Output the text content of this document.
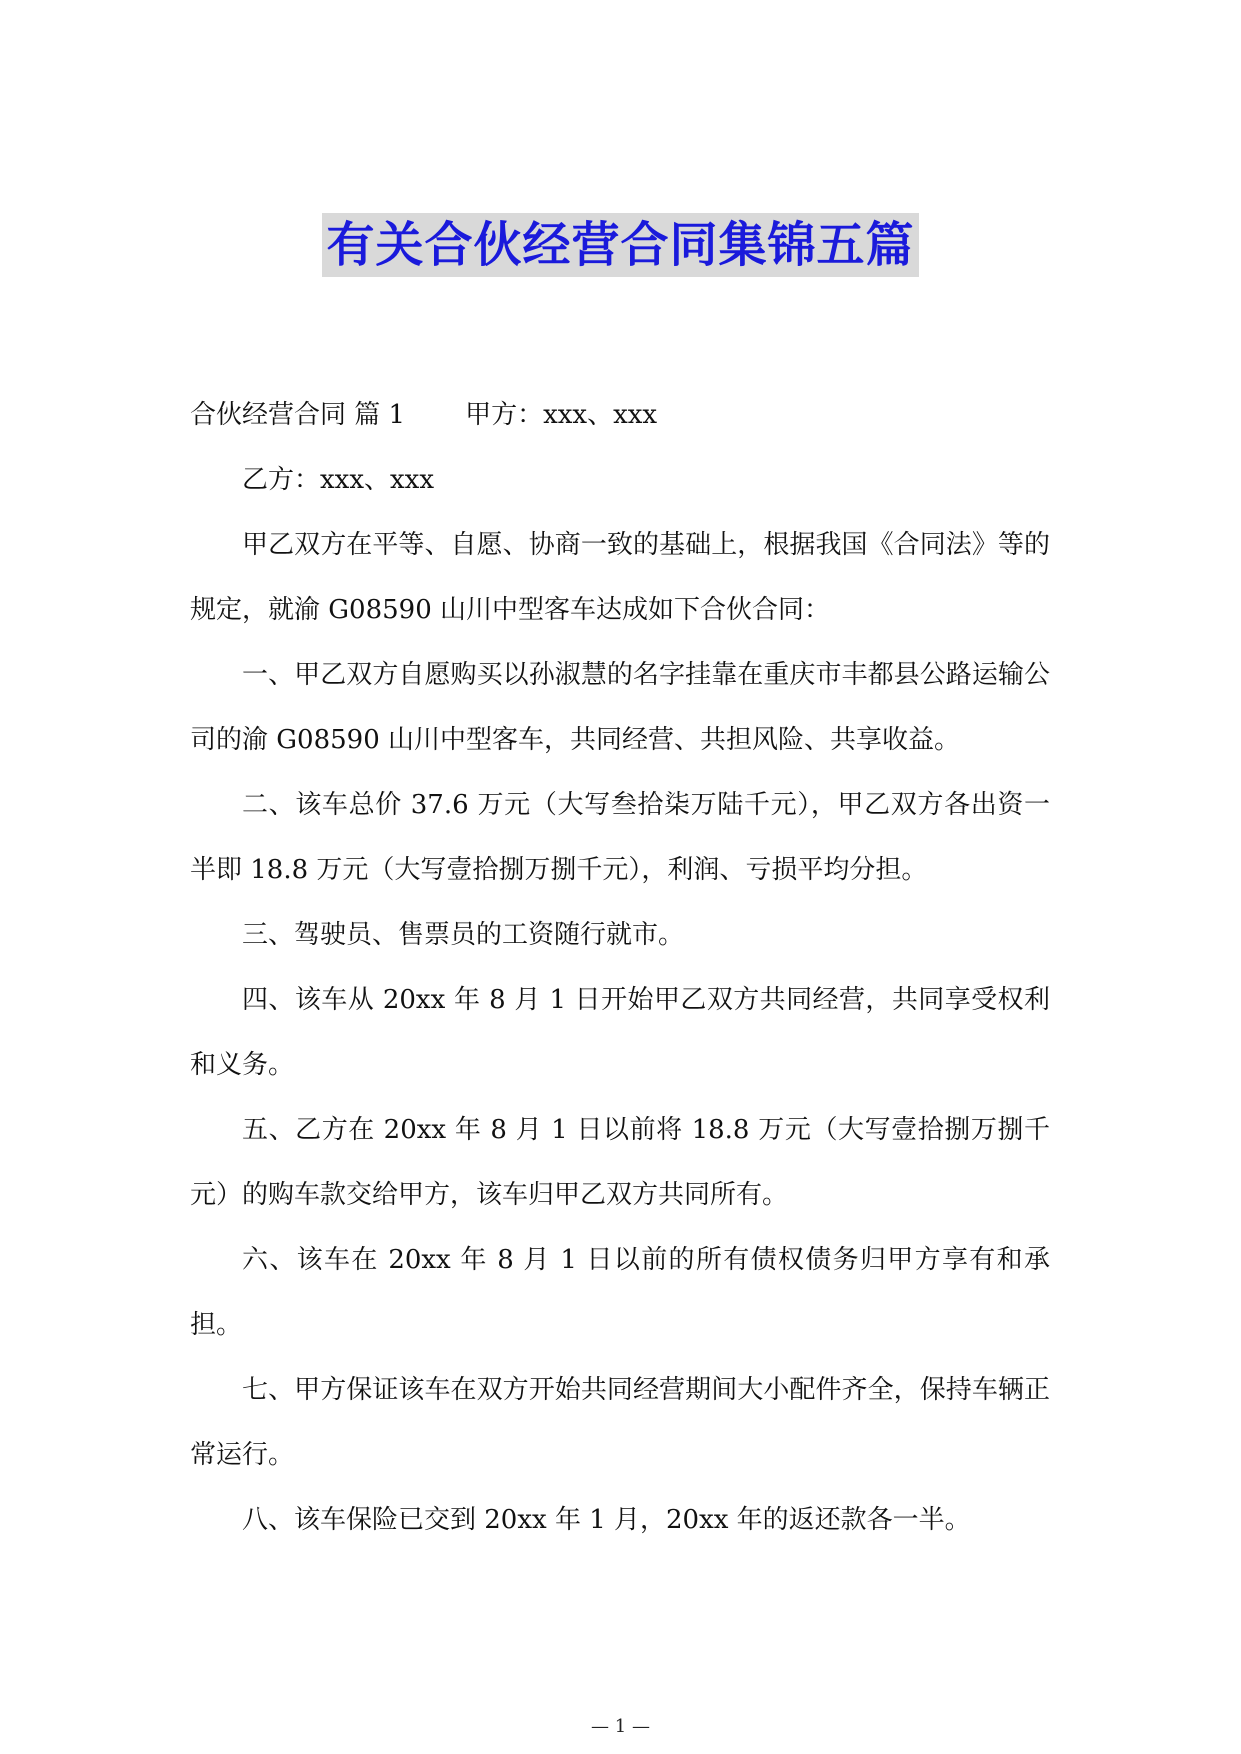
有关合伙经营合同集锦五篇

合伙经营合同 篇 1 甲方：xxx、xxx

乙方：xxx、xxx

甲乙双方在平等、自愿、协商一致的基础上，根据我国《合同法》等的规定，就渝 G08590 山川中型客车达成如下合伙合同：

一、甲乙双方自愿购买以孙淑慧的名字挂靠在重庆市丰都县公路运输公司的渝 G08590 山川中型客车，共同经营、共担风险、共享收益。

二、该车总价 37.6 万元（大写叁拾柒万陆千元），甲乙双方各出资一半即 18.8 万元（大写壹拾捌万捌千元），利润、亏损平均分担。

三、驾驶员、售票员的工资随行就市。

四、该车从 20xx 年 8 月 1 日开始甲乙双方共同经营，共同享受权利和义务。

五、乙方在 20xx 年 8 月 1 日以前将 18.8 万元（大写壹拾捌万捌千元）的购车款交给甲方，该车归甲乙双方共同所有。

六、该车在 20xx 年 8 月 1 日以前的所有债权债务归甲方享有和承担。

七、甲方保证该车在双方开始共同经营期间大小配件齐全，保持车辆正常运行。

八、该车保险已交到 20xx 年 1 月，20xx 年的返还款各一半。

— 1 —
